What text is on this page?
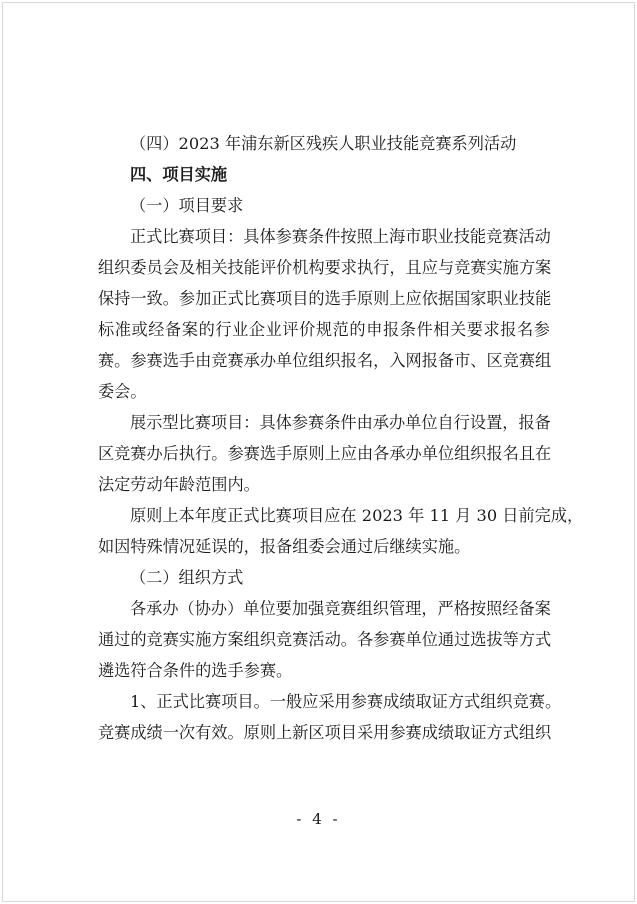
（四）2023 年浦东新区残疾人职业技能竞赛系列活动
四、项目实施
（一）项目要求
正式比赛项目：具体参赛条件按照上海市职业技能竞赛活动
组织委员会及相关技能评价机构要求执行，且应与竞赛实施方案
保持一致。参加正式比赛项目的选手原则上应依据国家职业技能
标准或经备案的行业企业评价规范的申报条件相关要求报名参
赛。参赛选手由竞赛承办单位组织报名，入网报备市、区竞赛组
委会。
展示型比赛项目：具体参赛条件由承办单位自行设置，报备
区竞赛办后执行。参赛选手原则上应由各承办单位组织报名且在
法定劳动年龄范围内。
原则上本年度正式比赛项目应在 2023 年 11 月 30 日前完成，
如因特殊情况延误的，报备组委会通过后继续实施。
（二）组织方式
各承办（协办）单位要加强竞赛组织管理，严格按照经备案
通过的竞赛实施方案组织竞赛活动。各参赛单位通过选拔等方式
遴选符合条件的选手参赛。
1、正式比赛项目。一般应采用参赛成绩取证方式组织竞赛。
竞赛成绩一次有效。原则上新区项目采用参赛成绩取证方式组织
- 4 -
